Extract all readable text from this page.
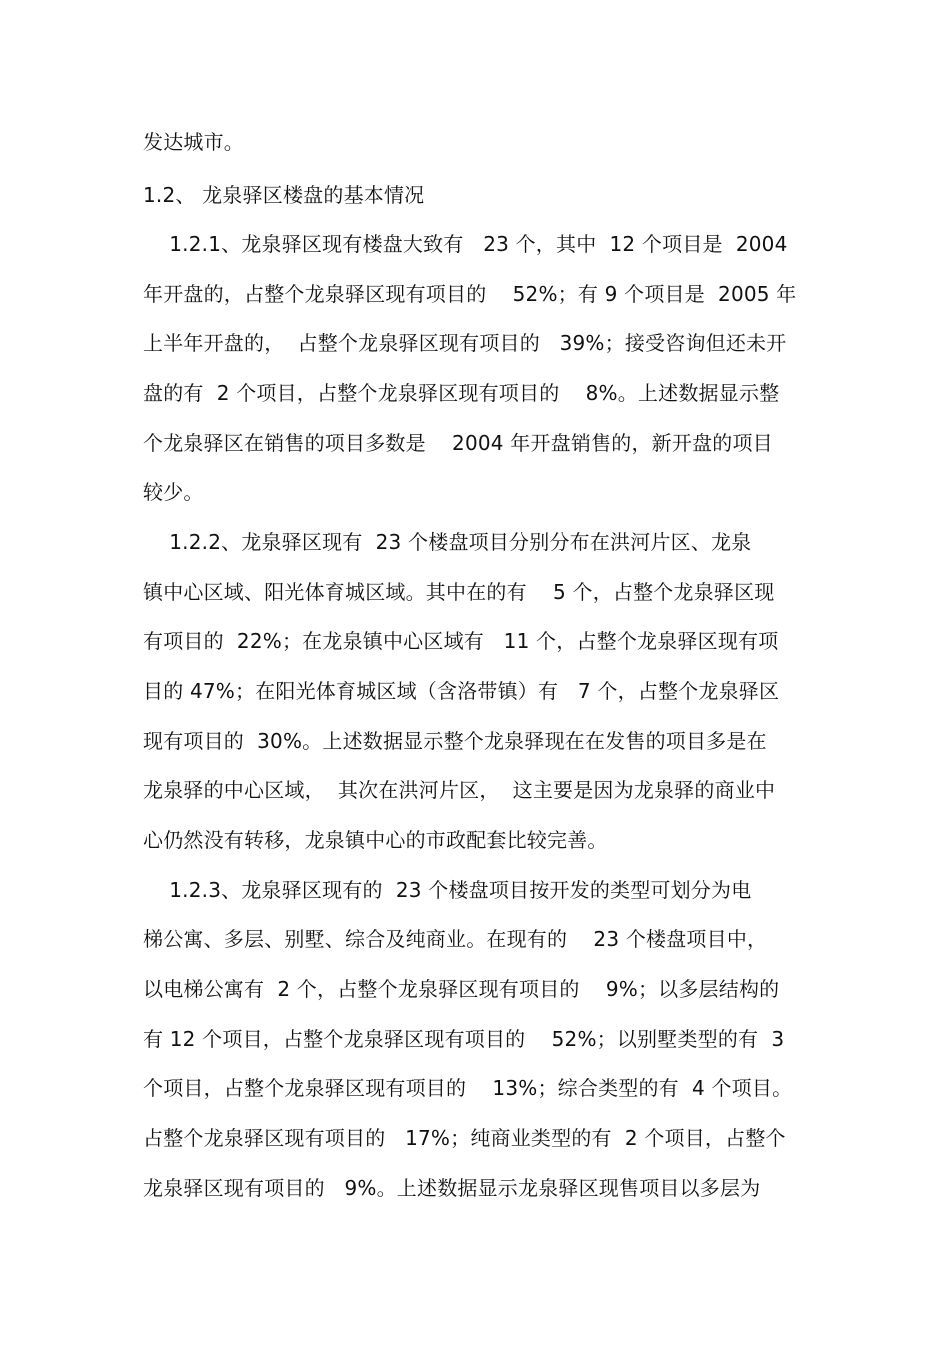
发达城市。
1.2、 龙泉驿区楼盘的基本情况
1.2.1、龙泉驿区现有楼盘大致有   23 个，其中  12 个项目是  2004
年开盘的，占整个龙泉驿区现有项目的    52%；有 9 个项目是  2005 年
上半年开盘的，  占整个龙泉驿区现有项目的   39%；接受咨询但还未开
盘的有  2 个项目，占整个龙泉驿区现有项目的    8%。上述数据显示整
个龙泉驿区在销售的项目多数是    2004 年开盘销售的，新开盘的项目
较少。
1.2.2、龙泉驿区现有  23 个楼盘项目分别分布在洪河片区、龙泉
镇中心区域、阳光体育城区域。其中在的有    5 个，占整个龙泉驿区现
有项目的  22%；在龙泉镇中心区域有   11 个，占整个龙泉驿区现有项
目的 47%；在阳光体育城区域（含洛带镇）有   7 个，占整个龙泉驿区
现有项目的  30%。上述数据显示整个龙泉驿现在在发售的项目多是在
龙泉驿的中心区域，  其次在洪河片区，  这主要是因为龙泉驿的商业中
心仍然没有转移，龙泉镇中心的市政配套比较完善。
1.2.3、龙泉驿区现有的  23 个楼盘项目按开发的类型可划分为电
梯公寓、多层、别墅、综合及纯商业。在现有的    23 个楼盘项目中，
以电梯公寓有  2 个，占整个龙泉驿区现有项目的    9%；以多层结构的
有 12 个项目，占整个龙泉驿区现有项目的    52%；以别墅类型的有  3
个项目，占整个龙泉驿区现有项目的    13%；综合类型的有  4 个项目。
占整个龙泉驿区现有项目的   17%；纯商业类型的有  2 个项目，占整个
龙泉驿区现有项目的   9%。上述数据显示龙泉驿区现售项目以多层为
